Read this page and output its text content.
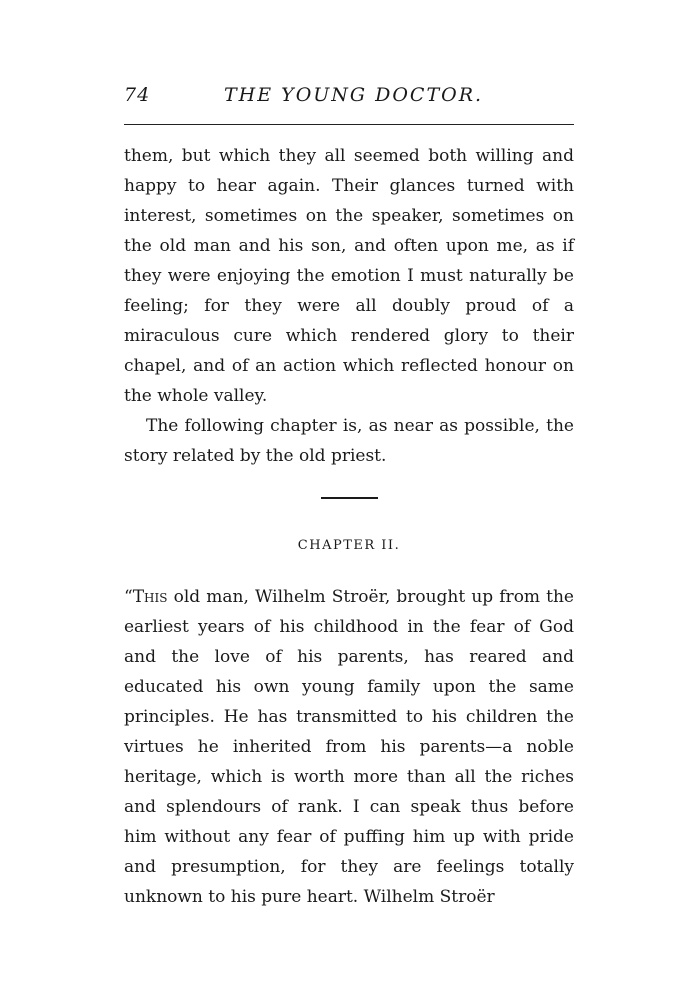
74	THE YOUNG DOCTOR.

them, but which they all seemed both willing and happy to hear again. Their glances turned with interest, sometimes on the speaker, sometimes on the old man and his son, and often upon me, as if they were enjoying the emotion I must naturally be feeling; for they were all doubly proud of a miraculous cure which rendered glory to their chapel, and of an action which reflected honour on the whole valley.

The following chapter is, as near as possible, the story related by the old priest.

CHAPTER II.

“This old man, Wilhelm Stroër, brought up from the earliest years of his childhood in the fear of God and the love of his parents, has reared and educated his own young family upon the same principles. He has transmitted to his children the virtues he inherited from his parents—a noble heritage, which is worth more than all the riches and splendours of rank. I can speak thus before him without any fear of puffing him up with pride and presumption, for they are feelings totally unknown to his pure heart. Wilhelm Stroër
